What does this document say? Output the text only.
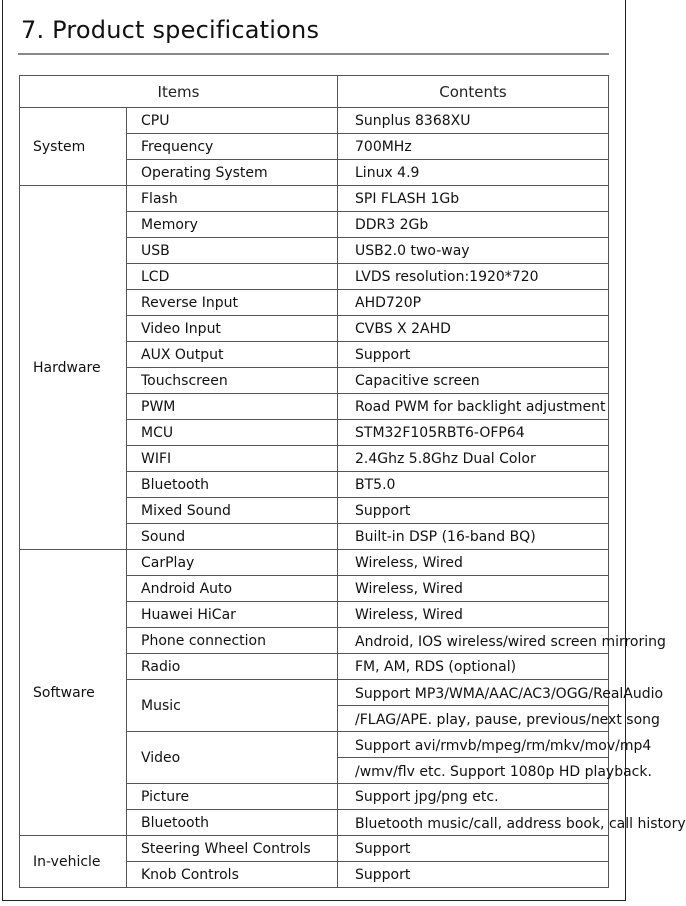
7. Product specifications
Items		Contents
System	CPU	Sunplus 8368XU
	Frequency	700MHz
	Operating System	Linux 4.9
Hardware	Flash	SPI FLASH 1Gb
	Memory	DDR3 2Gb
	USB	USB2.0 two-way
	LCD	LVDS resolution:1920*720
	Reverse Input	AHD720P
	Video Input	CVBS X 2AHD
	AUX Output	Support
	Touchscreen	Capacitive screen
	PWM	Road PWM for backlight adjustment
	MCU	STM32F105RBT6-OFP64
	WIFI	2.4Ghz 5.8Ghz Dual Color
	Bluetooth	BT5.0
	Mixed Sound	Support
	Sound	Built-in DSP (16-band BQ)
Software	CarPlay	Wireless, Wired
	Android Auto	Wireless, Wired
	Huawei HiCar	Wireless, Wired
	Phone connection	Android, IOS wireless/wired screen mirroring
	Radio	FM, AM, RDS (optional)
	Music	Support MP3/WMA/AAC/AC3/OGG/RealAudio
		/FLAG/APE. play, pause, previous/next song
	Video	Support avi/rmvb/mpeg/rm/mkv/mov/mp4
		/wmv/flv etc. Support 1080p HD playback.
	Picture	Support jpg/png etc.
	Bluetooth	Bluetooth music/call, address book, call history
In-vehicle	Steering Wheel Controls	Support
	Knob Controls	Support
